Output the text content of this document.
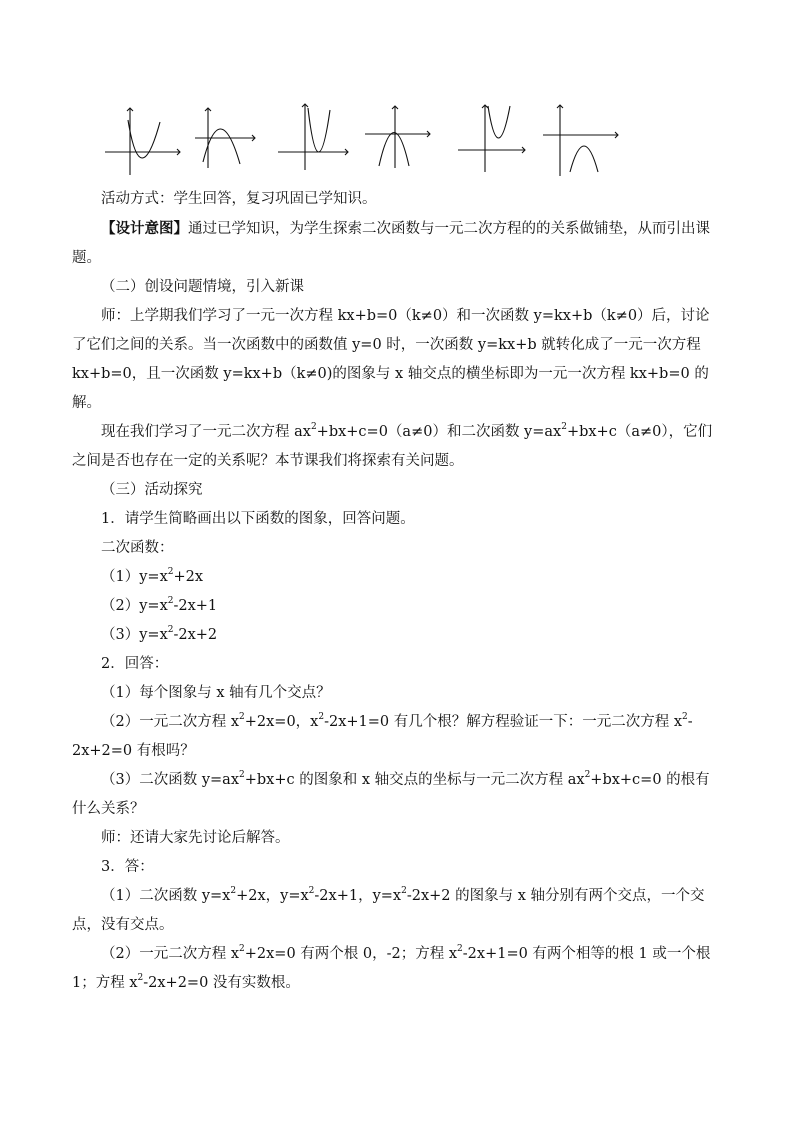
活动方式：学生回答，复习巩固已学知识。

【设计意图】通过已学知识，为学生探索二次函数与一元二次方程的的关系做铺垫，从而引出课题。

（二）创设问题情境，引入新课

师：上学期我们学习了一元一次方程 kx+b=0（k≠0）和一次函数 y=kx+b（k≠0）后，讨论了它们之间的关系。当一次函数中的函数值 y=0 时，一次函数 y=kx+b 就转化成了一元一次方程 kx+b=0，且一次函数 y=kx+b（k≠0)的图象与 x 轴交点的横坐标即为一元一次方程 kx+b=0 的解。

现在我们学习了一元二次方程 $ax^2+bx+c=0(a\ne 0)$和二次函数 $y=ax^2+bx+c(a\ne 0)$，它们之间是否也存在一定的关系呢？本节课我们将探索有关问题。

（三）活动探究

1．请学生简略画出以下函数的图象，回答问题。

二次函数：

$(1)y=x^2+2x$

$(2)y=x^2-2x+1$

$(3)y=x^2-2x+2$

2．回答：

（1）每个图象与 x 轴有几个交点？

（2）一元二次方程 $x^2+2x=0$，$x^2-2x+1=0$ 有几个根？解方程验证一下：一元二次方程 $x^2-2x+2=0$ 有根吗？

（3）二次函数 $y=ax^2+bx+c$ 的图象和 x 轴交点的坐标与一元二次方程 $ax^2+bx+c=0$ 的根有什么关系？

师：还请大家先讨论后解答。

3．答：

（1）二次函数 $y=x^2+2x$，$y=x^2-2x+1$，$y=x^2-2x+2$ 的图象与 x 轴分别有两个交点，一个交点，没有交点。

（2）一元二次方程 $x^2+2x=0$ 有两个根 0，-2；方程 $x^2-2x+1=0$ 有两个相等的根 1 或一个根 1；方程 $x^2-2x+2=0$ 没有实数根。
